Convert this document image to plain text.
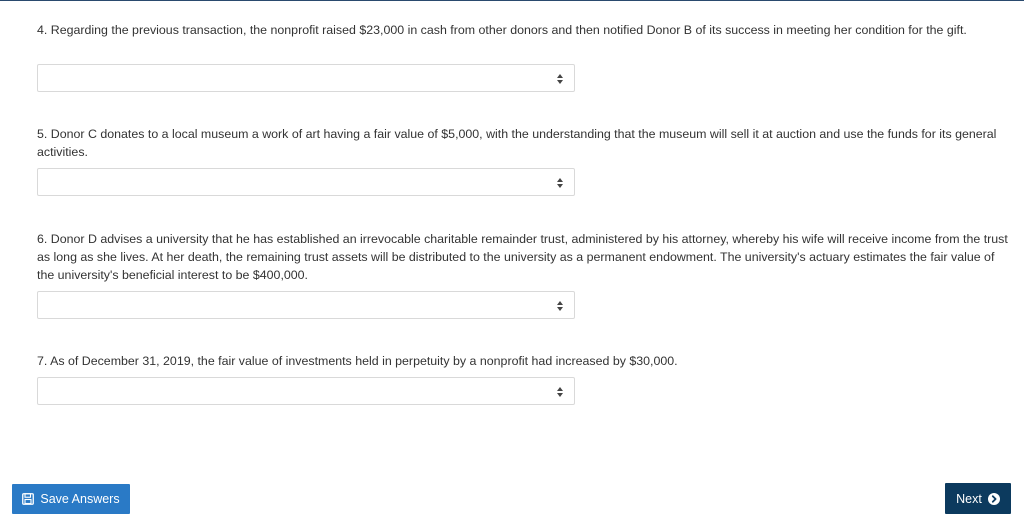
4. Regarding the previous transaction, the nonprofit raised $23,000 in cash from other donors and then notified Donor B of its success in meeting her condition for the gift.

5. Donor C donates to a local museum a work of art having a fair value of $5,000, with the understanding that the museum will sell it at auction and use the funds for its general activities.

6. Donor D advises a university that he has established an irrevocable charitable remainder trust, administered by his attorney, whereby his wife will receive income from the trust as long as she lives. At her death, the remaining trust assets will be distributed to the university as a permanent endowment. The university's actuary estimates the fair value of the university's beneficial interest to be $400,000.

7. As of December 31, 2019, the fair value of investments held in perpetuity by a nonprofit had increased by $30,000.

Save Answers	Next
